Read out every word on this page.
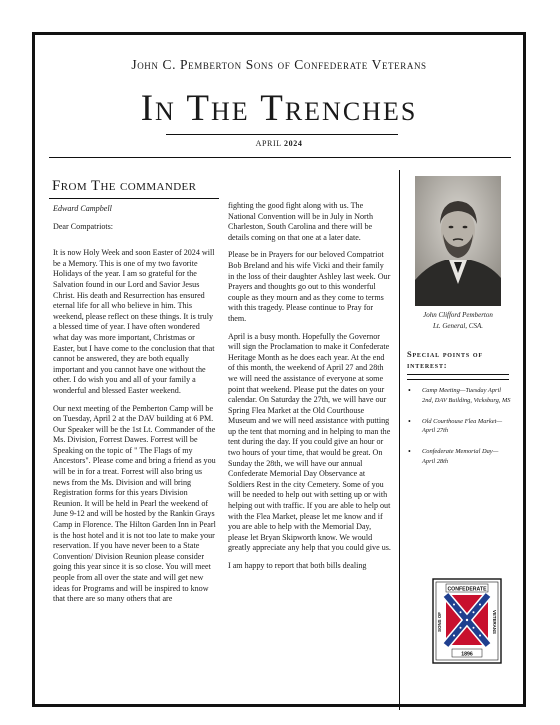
John C. Pemberton Sons of Confederate Veterans
In The Trenches
APRIL 2024
From The commander

Edward Campbell

Dear Compatriots:

It is now Holy Week and soon Easter of 2024 will be a Memory. This is one of my two favorite Holidays of the year. I am so grateful for the Salvation found in our Lord and Savior Jesus Christ. His death and Resurrection has ensured eternal life for all who believe in him. This weekend, please reflect on these things. It is truly a blessed time of year. I have often wondered what day was more important, Christmas or Easter, but I have come to the conclusion that that cannot be answered, they are both equally important and you cannot have one without the other. I do wish you and all of your family a wonderful and blessed Easter weekend.

Our next meeting of the Pemberton Camp will be on Tuesday, April 2 at the DAV building at 6 PM. Our Speaker will be the 1st Lt. Commander of the Ms. Division, Forrest Dawes. Forrest will be Speaking on the topic of " The Flags of my Ancestors". Please come and bring a friend as you will be in for a treat. Forrest will also bring us news from the Ms. Division and will bring Registration forms for this years Division Reunion. It will be held in Pearl the weekend of June 9-12 and will be hosted by the Rankin Grays Camp in Florence. The Hilton Garden Inn in Pearl is the host hotel and it is not too late to make your reservation. If you have never been to a State Convention/ Division Reunion please consider going this year since it is so close. You will meet people from all over the state and will get new ideas for Programs and will be inspired to know that there are so many others that are

fighting the good fight along with us. The National Convention will be in July in North Charleston, South Carolina and there will be details coming on that one at a later date.

Please be in Prayers for our beloved Compatriot Bob Breland and his wife Vicki and their family in the loss of their daughter Ashley last week. Our Prayers and thoughts go out to this wonderful couple as they mourn and as they come to terms with this tragedy. Please continue to Pray for them.

April is a busy month. Hopefully the Governor will sign the Proclamation to make it Confederate Heritage Month as he does each year. At the end of this month, the weekend of April 27 and 28th we will need the assistance of everyone at some point that weekend. Please put the dates on your calendar. On Saturday the 27th, we will have our Spring Flea Market at the Old Courthouse Museum and we will need assistance with putting up the tent that morning and in helping to man the tent during the day. If you could give an hour or two hours of your time, that would be great. On Sunday the 28th, we will have our annual Confederate Memorial Day Observance at Soldiers Rest in the city Cemetery. Some of you will be needed to help out with setting up or with helping out with traffic. If you are able to help out with the Flea Market, please let me know and if you are able to help with the Memorial Day, please let Bryan Skipworth know. We would greatly appreciate any help that you could give us.

I am happy to report that both bills dealing

John Clifford Pemberton
Lt. General, CSA.
Special points of interest:
• Camp Meeting—Tuesday April 2nd, DAV Building, Vicksburg, MS
• Old Courthouse Flea Market—April 27th
• Confederate Memorial Day—April 28th
CONFEDERATE
SONS OF	VETERANS
1896
